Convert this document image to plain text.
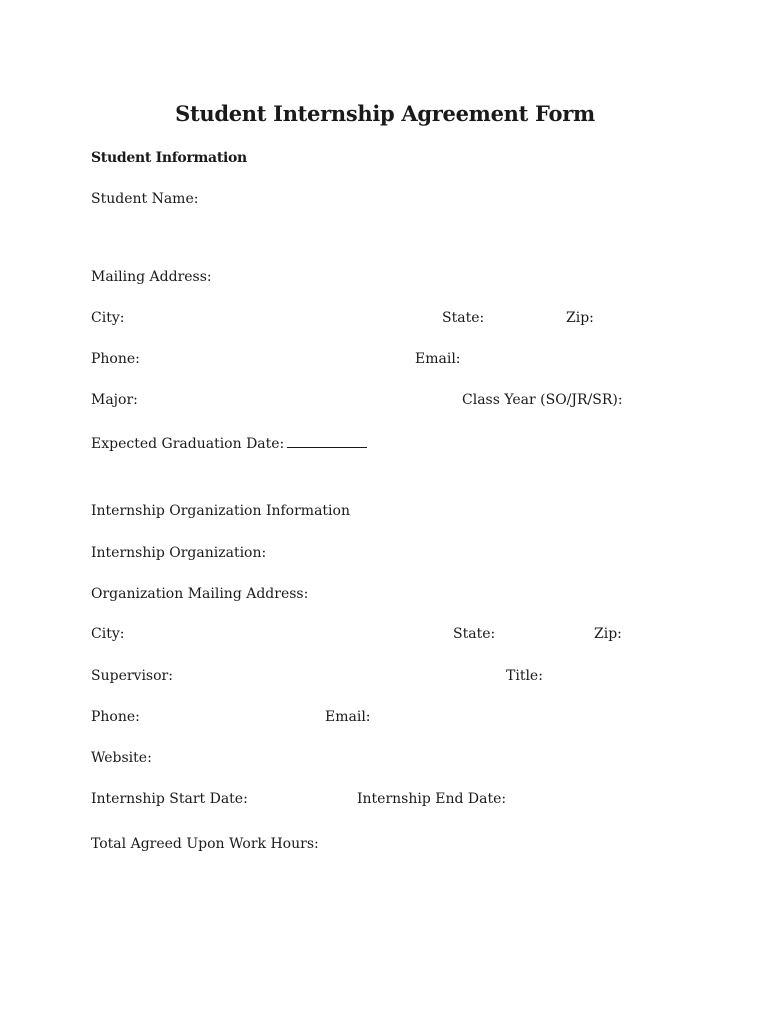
Student Internship Agreement Form
Student Information
Student Name:
Mailing Address:
City:	State:	Zip:
Phone:	Email:
Major:	Class Year (SO/JR/SR):
Expected Graduation Date:
Internship Organization Information
Internship Organization:
Organization Mailing Address:
City:	State:	Zip:
Supervisor:	Title:
Phone:	Email:
Website:
Internship Start Date:	Internship End Date:
Total Agreed Upon Work Hours:
